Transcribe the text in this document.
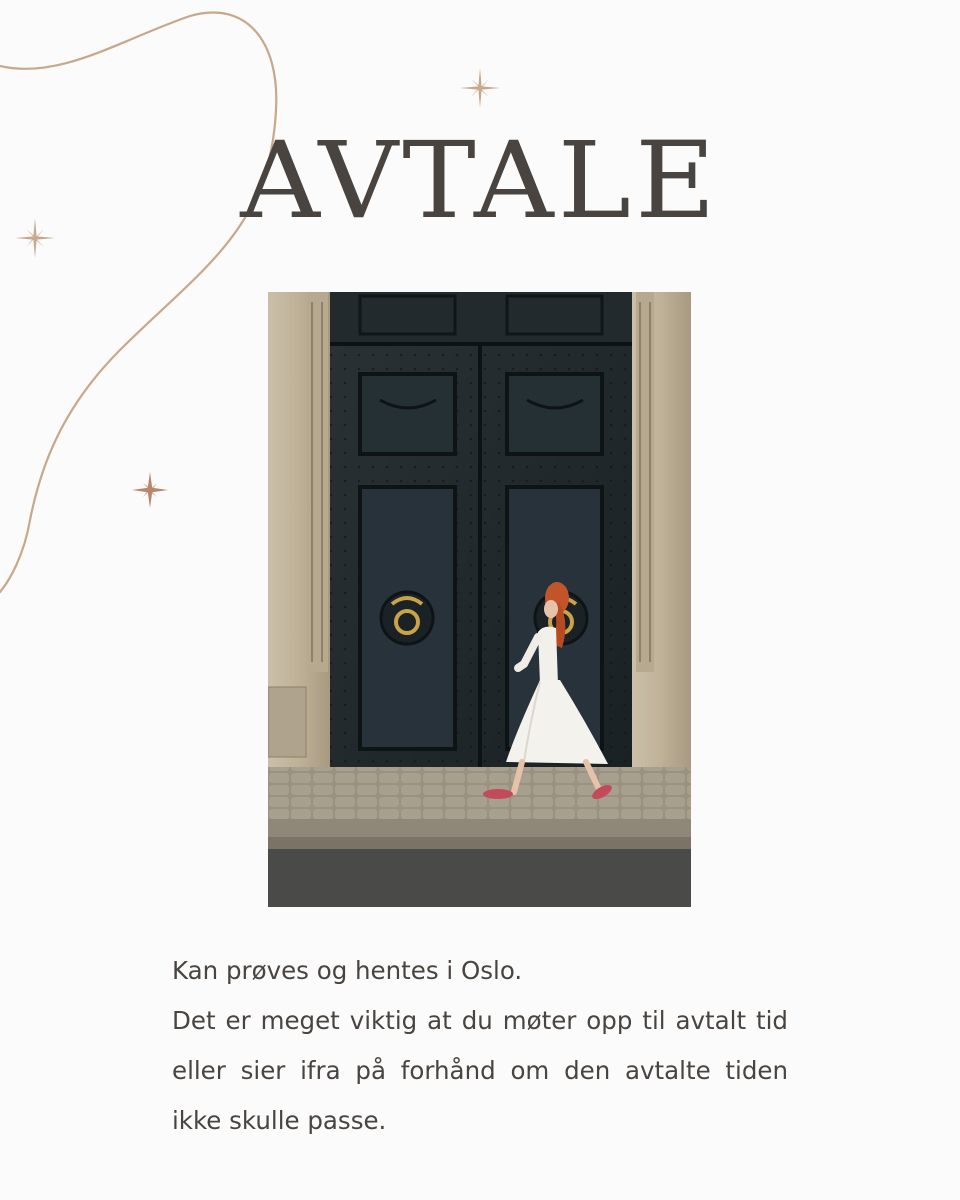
AVTALE

Kan prøves og hentes i Oslo.

Det er meget viktig at du møter opp til avtalt tid eller sier ifra på forhånd om den avtalte tiden ikke skulle passe.
